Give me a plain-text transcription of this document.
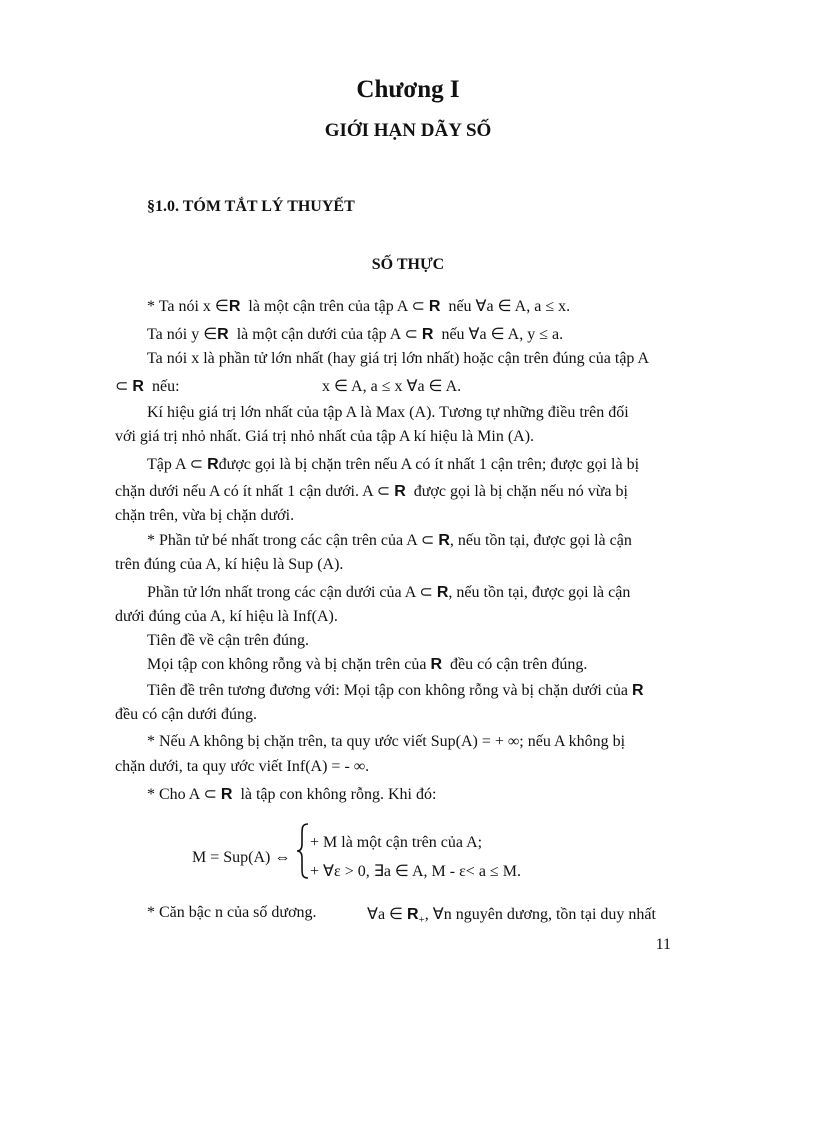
Chương I
GIỚI HẠN DÃY SỐ
§1.0. TÓM TẮT LÝ THUYẾT
SỐ THỰC
* Ta nói x ∈R là một cận trên của tập A ⊂ R nếu ∀a ∈ A, a ≤ x.
Ta nói y ∈R là một cận dưới của tập A ⊂ R nếu ∀a ∈ A, y ≤ a.
Ta nói x là phần tử lớn nhất (hay giá trị lớn nhất) hoặc cận trên đúng của tập A
⊂ R nếu:	x ∈ A, a ≤ x ∀a ∈ A.
Kí hiệu giá trị lớn nhất của tập A là Max (A). Tương tự những điều trên đối
với giá trị nhỏ nhất. Giá trị nhỏ nhất của tập A kí hiệu là Min (A).
Tập A ⊂ Rđược gọi là bị chặn trên nếu A có ít nhất 1 cận trên; được gọi là bị
chặn dưới nếu A có ít nhất 1 cận dưới. A ⊂ R được gọi là bị chặn nếu nó vừa bị
chặn trên, vừa bị chặn dưới.
* Phần tử bé nhất trong các cận trên của A ⊂ R, nếu tồn tại, được gọi là cận
trên đúng của A, kí hiệu là Sup (A).
Phần tử lớn nhất trong các cận dưới của A ⊂ R, nếu tồn tại, được gọi là cận
dưới đúng của A, kí hiệu là Inf(A).
Tiên đề về cận trên đúng.
Mọi tập con không rỗng và bị chặn trên của R đều có cận trên đúng.
Tiên đề trên tương đương với: Mọi tập con không rỗng và bị chặn dưới của R
đều có cận dưới đúng.
* Nếu A không bị chặn trên, ta quy ước viết Sup(A) = + ∞; nếu A không bị
chặn dưới, ta quy ước viết Inf(A) = - ∞.
* Cho A ⊂ R là tập con không rỗng. Khi đó:
M = Sup(A) ⇔
+ M là một cận trên của A;
+ ∀ε > 0, ∃a ∈ A, M - ε< a ≤ M.
* Căn bậc n của số dương.	∀a ∈ $R_+$, ∀n nguyên dương, tồn tại duy nhất
11
